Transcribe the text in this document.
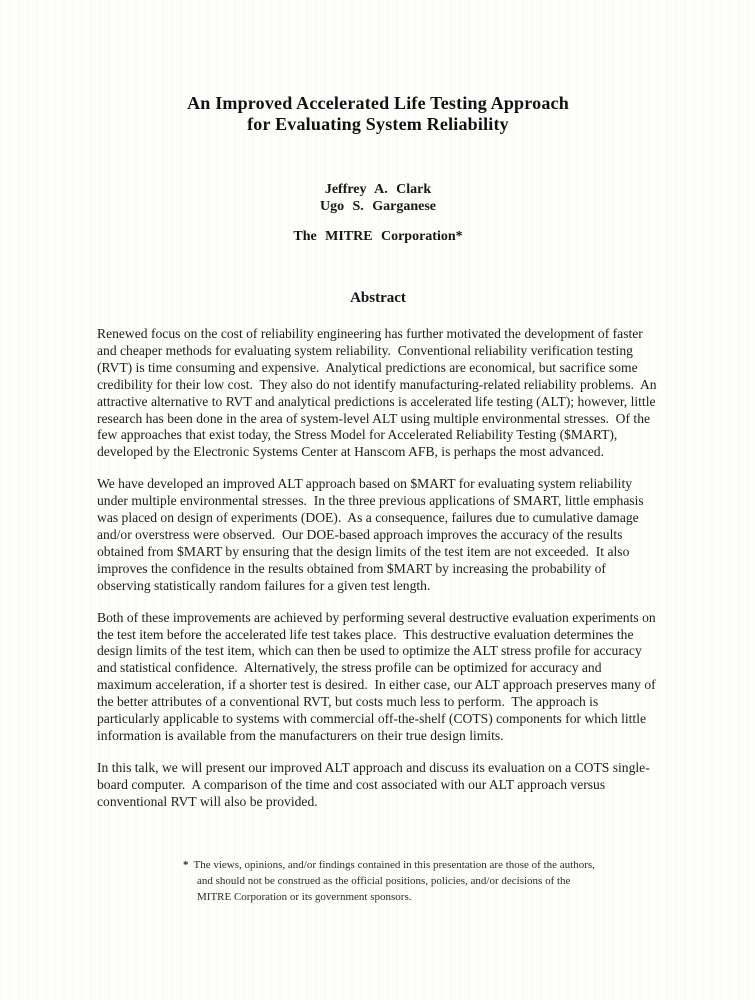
An Improved Accelerated Life Testing Approach
for Evaluating System Reliability
Jeffrey A. Clark
Ugo S. Garganese
The MITRE Corporation*
Abstract

Renewed focus on the cost of reliability engineering has further motivated the development of faster and cheaper methods for evaluating system reliability.  Conventional reliability verification testing (RVT) is time consuming and expensive.  Analytical predictions are economical, but sacrifice some credibility for their low cost.  They also do not identify manufacturing-related reliability problems.  An attractive alternative to RVT and analytical predictions is accelerated life testing (ALT); however, little research has been done in the area of system-level ALT using multiple environmental stresses.  Of the few approaches that exist today, the Stress Model for Accelerated Reliability Testing ($MART), developed by the Electronic Systems Center at Hanscom AFB, is perhaps the most advanced.

We have developed an improved ALT approach based on $MART for evaluating system reliability under multiple environmental stresses.  In the three previous applications of SMART, little emphasis was placed on design of experiments (DOE).  As a consequence, failures due to cumulative damage and/or overstress were observed.  Our DOE-based approach improves the accuracy of the results obtained from $MART by ensuring that the design limits of the test item are not exceeded.  It also improves the confidence in the results obtained from $MART by increasing the probability of observing statistically random failures for a given test length.

Both of these improvements are achieved by performing several destructive evaluation experiments on the test item before the accelerated life test takes place.  This destructive evaluation determines the design limits of the test item, which can then be used to optimize the ALT stress profile for accuracy and statistical confidence.  Alternatively, the stress profile can be optimized for accuracy and maximum acceleration, if a shorter test is desired.  In either case, our ALT approach preserves many of the better attributes of a conventional RVT, but costs much less to perform.  The approach is particularly applicable to systems with commercial off-the-shelf (COTS) components for which little information is available from the manufacturers on their true design limits.

In this talk, we will present our improved ALT approach and discuss its evaluation on a COTS single-board computer.  A comparison of the time and cost associated with our ALT approach versus conventional RVT will also be provided.

* The views, opinions, and/or findings contained in this presentation are those of the authors, and should not be construed as the official positions, policies, and/or decisions of the MITRE Corporation or its government sponsors.
